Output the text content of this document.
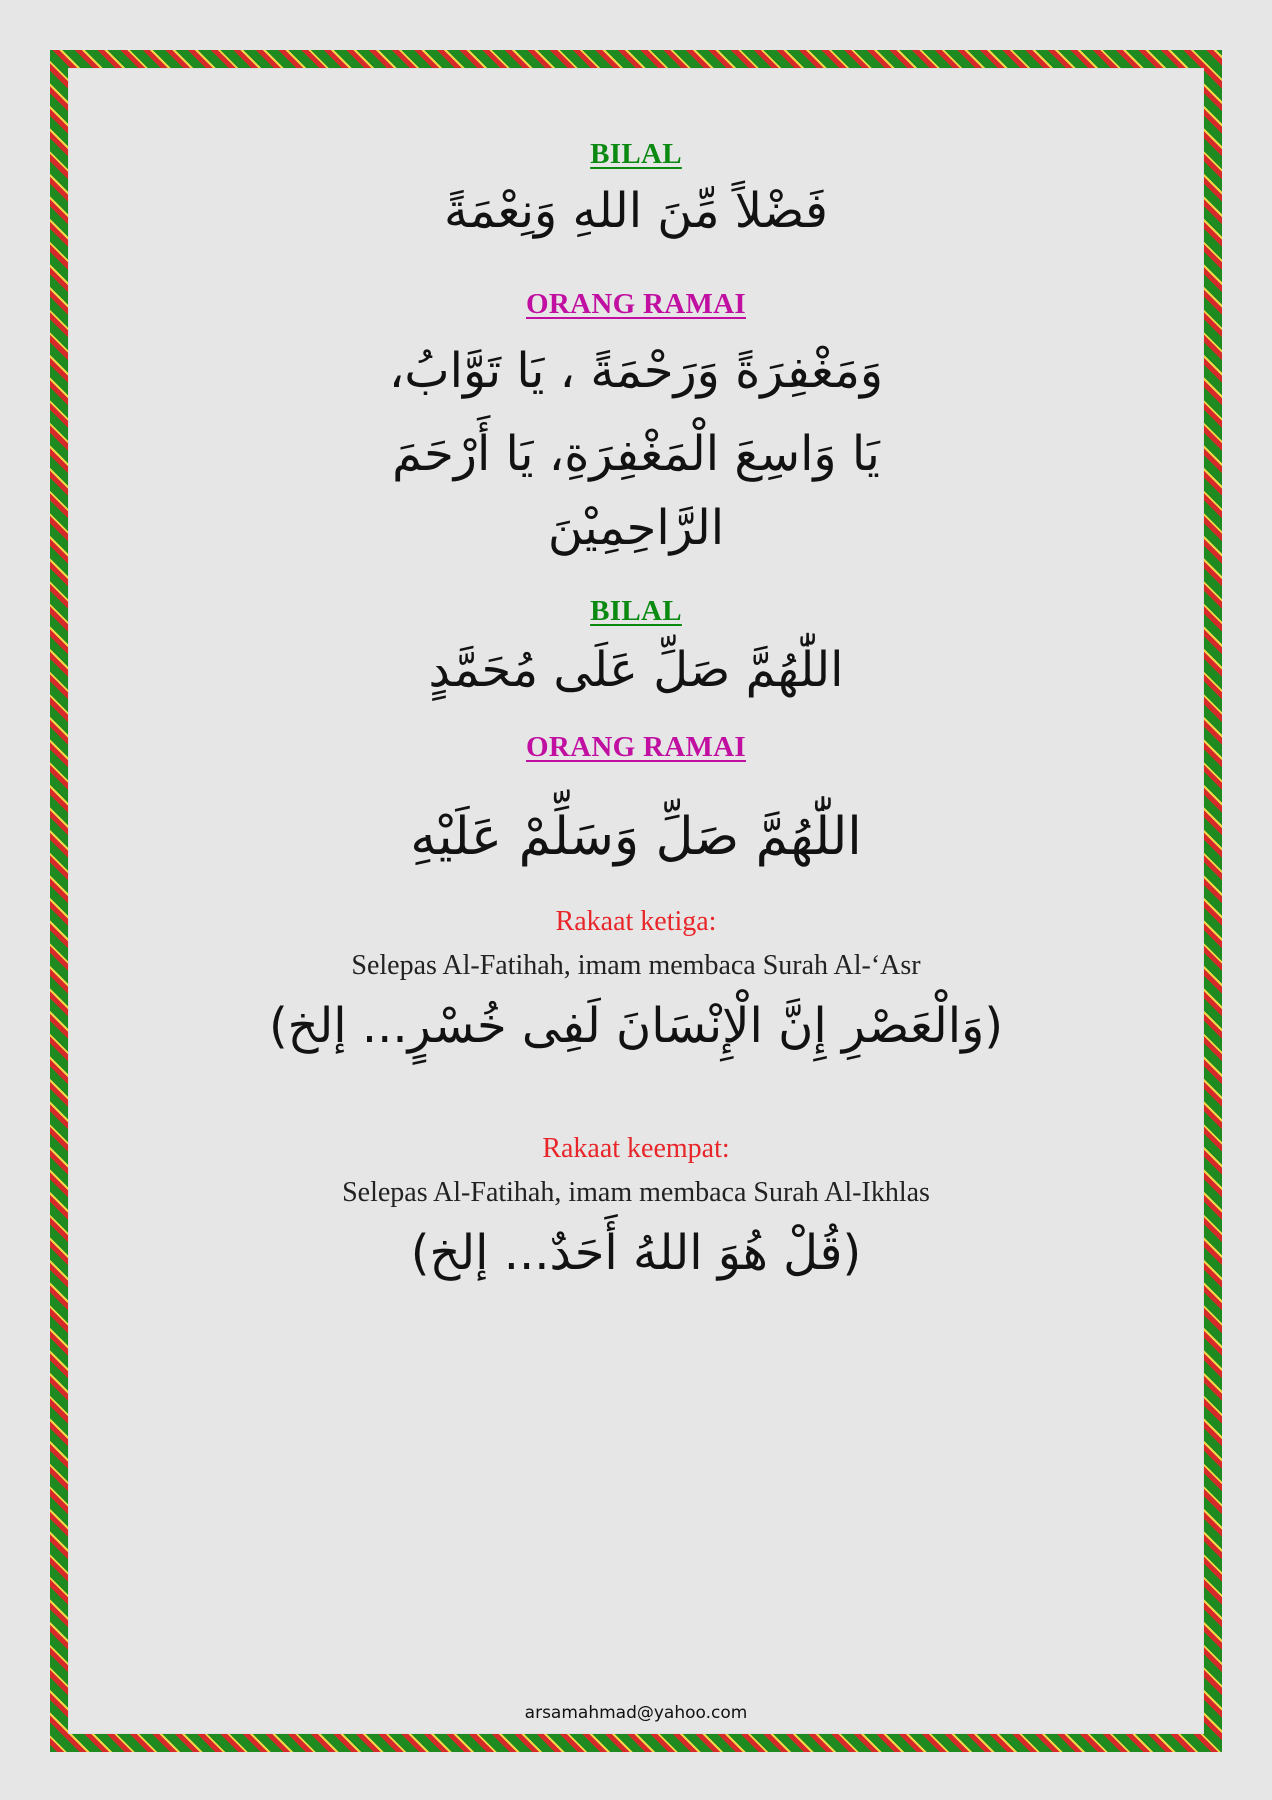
BILAL
فَضْلاً مِّنَ اللهِ وَنِعْمَةً
ORANG RAMAI
وَمَغْفِرَةً وَرَحْمَةً ، يَا تَوَّابُ،
يَا وَاسِعَ الْمَغْفِرَةِ، يَا أَرْحَمَ
الرَّاحِمِيْنَ
BILAL
اللّٰهُمَّ صَلِّ عَلَى مُحَمَّدٍ
ORANG RAMAI
اللّٰهُمَّ صَلِّ وَسَلِّمْ عَلَيْهِ
Rakaat ketiga:
Selepas Al-Fatihah, imam membaca Surah Al-‘Asr
(وَالْعَصْرِ إِنَّ الْإِنْسَانَ لَفِى خُسْرٍ... إلخ)
Rakaat keempat:
Selepas Al-Fatihah, imam membaca Surah Al-Ikhlas
(قُلْ هُوَ اللهُ أَحَدٌ... إلخ)
arsamahmad@yahoo.com
